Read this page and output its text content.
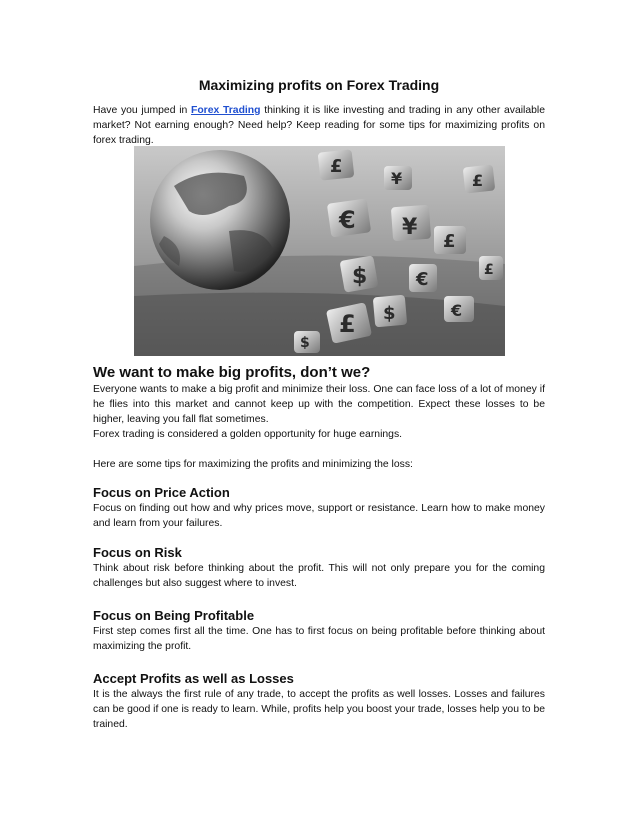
Maximizing profits on Forex Trading
Have you jumped in Forex Trading thinking it is like investing and trading in any other available market? Not earning enough? Need help? Keep reading for some tips for maximizing profits on forex trading.
£
€ ¥
£
$	€
£ $	€
£
¥
£
$
We want to make big profits, don’t we?
Everyone wants to make a big profit and minimize their loss. One can face loss of a lot of money if he flies into this market and cannot keep up with the competition. Expect these losses to be higher, leaving you fall flat sometimes.
Forex trading is considered a golden opportunity for huge earnings.
Here are some tips for maximizing the profits and minimizing the loss:
Focus on Price Action
Focus on finding out how and why prices move, support or resistance. Learn how to make money and learn from your failures.
Focus on Risk
Think about risk before thinking about the profit. This will not only prepare you for the coming challenges but also suggest where to invest.
Focus on Being Profitable
First step comes first all the time. One has to first focus on being profitable before thinking about maximizing the profit.
Accept Profits as well as Losses
It is the always the first rule of any trade, to accept the profits as well losses. Losses and failures can be good if one is ready to learn. While, profits help you boost your trade, losses help you to be trained.
